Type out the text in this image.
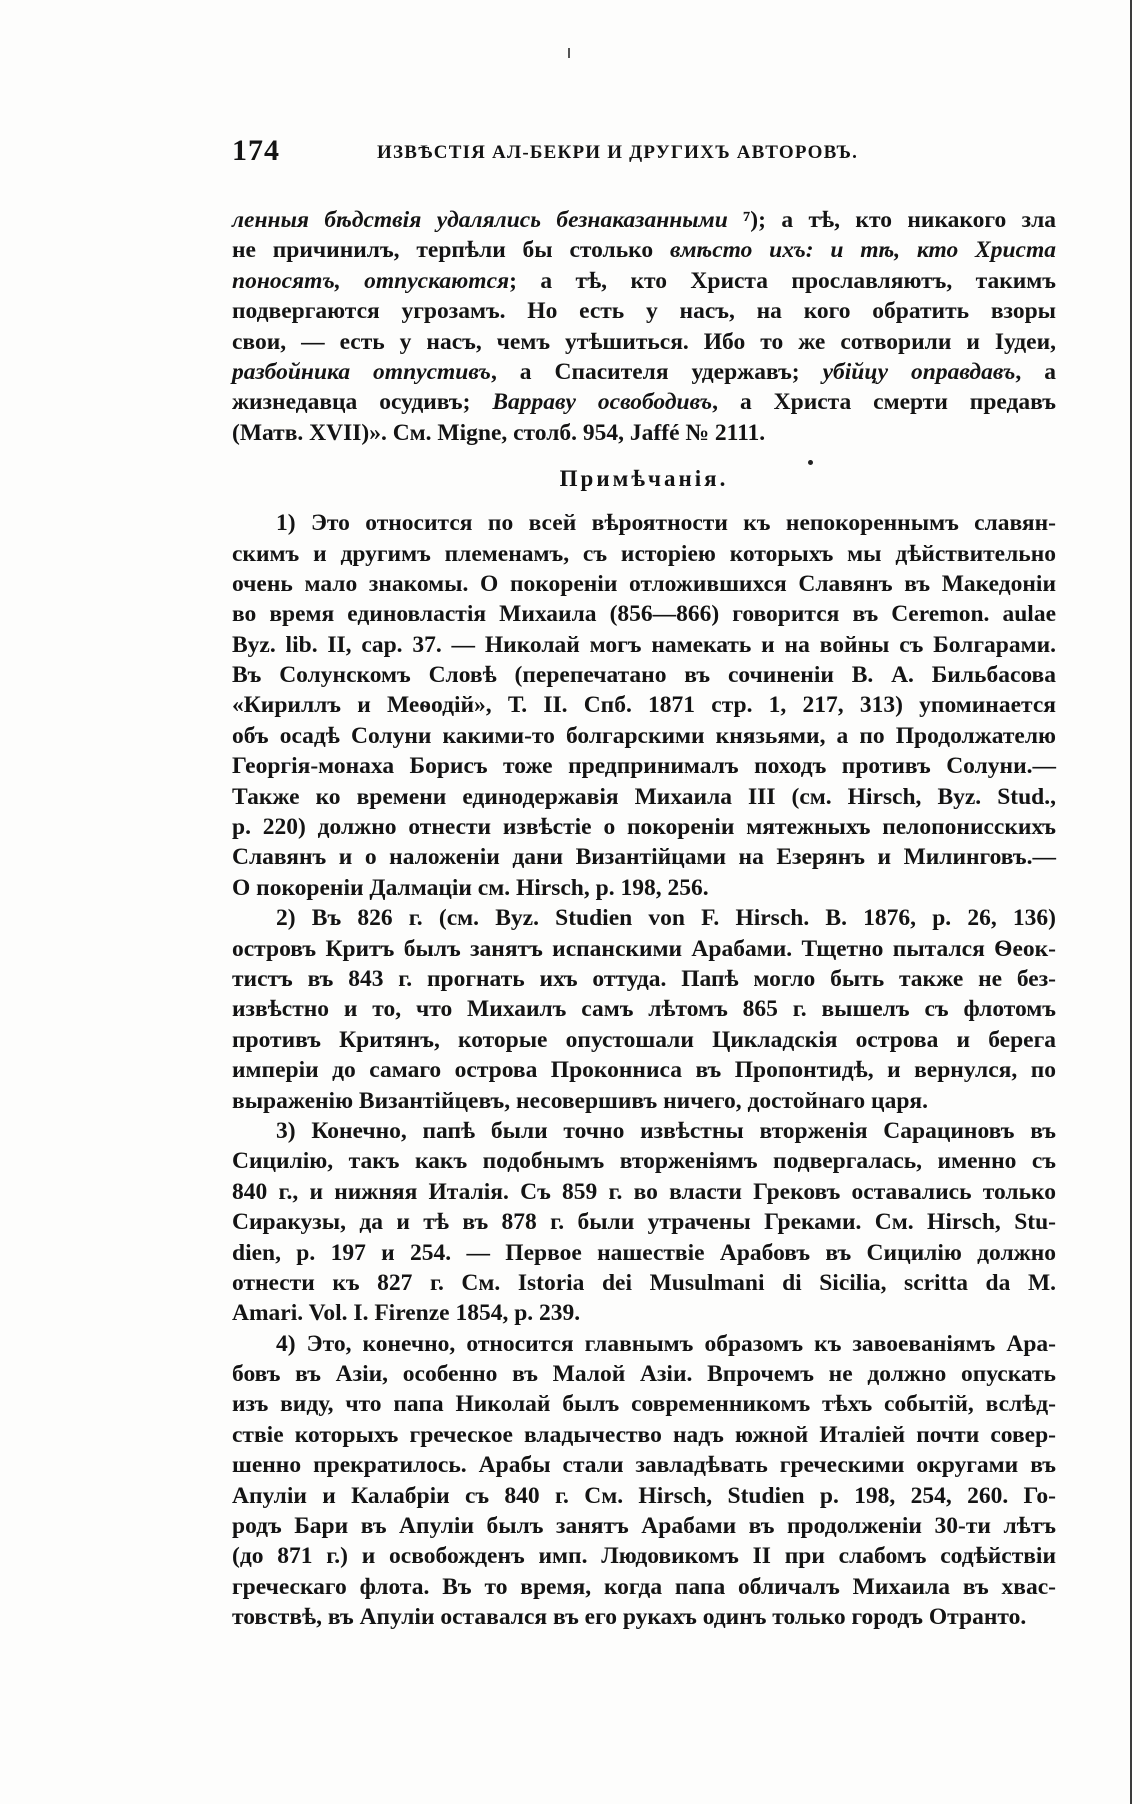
174	ИЗВѢСТІЯ АЛ-БЕКРИ И ДРУГИХЪ АВТОРОВЪ.
ленныя бѣдствія удалялись безнаказанными ⁷); а тѣ, кто никакого зла
не причинилъ, терпѣли бы столько вмѣсто ихъ: и тѣ, кто Христа
поносятъ, отпускаются; а тѣ, кто Христа прославляютъ, такимъ
подвергаются угрозамъ. Но есть у насъ, на кого обратить взоры
свои, — есть у насъ, чемъ утѣшиться. Ибо то же сотворили и Іудеи,
разбойника отпустивъ, а Спасителя удержавъ; убійцу оправдавъ, а
жизнедавца осудивъ; Варраву освободивъ, а Христа смерти предавъ
(Матв. XVII)». См. Migne, столб. 954, Jaffé № 2111.
Примѣчанія.
1) Это относится по всей вѣроятности къ непокореннымъ славян-
скимъ и другимъ племенамъ, съ исторіею которыхъ мы дѣйствительно
очень мало знакомы. О покореніи отложившихся Славянъ въ Македоніи
во время единовластія Михаила (856—866) говорится въ Ceremon. aulae
Byz. lib. II, cap. 37. — Николай могъ намекать и на войны съ Болгарами.
Въ Солунскомъ Словѣ (перепечатано въ сочиненіи В. А. Бильбасова
«Кириллъ и Меѳодій», Т. II. Спб. 1871 стр. 1, 217, 313) упоминается
объ осадѣ Солуни какими-то болгарскими князьями, а по Продолжателю
Георгія-монаха Борисъ тоже предпринималъ походъ противъ Солуни.—
Также ко времени единодержавія Михаила III (см. Hirsch, Byz. Stud.,
p. 220) должно отнести извѣстіе о покореніи мятежныхъ пелопонисскихъ
Славянъ и о наложеніи дани Византійцами на Езерянъ и Милинговъ.—
О покореніи Далмаціи см. Hirsch, p. 198, 256.
2) Въ 826 г. (см. Byz. Studien von F. Hirsch. B. 1876, p. 26, 136)
островъ Критъ былъ занятъ испанскими Арабами. Тщетно пытался Ѳеок-
тистъ въ 843 г. прогнать ихъ оттуда. Папѣ могло быть также не без-
извѣстно и то, что Михаилъ самъ лѣтомъ 865 г. вышелъ съ флотомъ
противъ Критянъ, которые опустошали Цикладскія острова и берега
имперіи до самаго острова Проконниса въ Пропонтидѣ, и вернулся, по
выраженію Византійцевъ, несовершивъ ничего, достойнаго царя.
3) Конечно, папѣ были точно извѣстны вторженія Сарациновъ въ
Сицилію, такъ какъ подобнымъ вторженіямъ подвергалась, именно съ
840 г., и нижняя Италія. Съ 859 г. во власти Грековъ оставались только
Сиракузы, да и тѣ въ 878 г. были утрачены Греками. См. Hirsch, Stu-
dien, p. 197 и 254. — Первое нашествіе Арабовъ въ Сицилію должно
отнести къ 827 г. См. Istoria dei Musulmani di Sicilia, scritta da M.
Amari. Vol. I. Firenze 1854, p. 239.
4) Это, конечно, относится главнымъ образомъ къ завоеваніямъ Ара-
бовъ въ Азіи, особенно въ Малой Азіи. Впрочемъ не должно опускать
изъ виду, что папа Николай былъ современникомъ тѣхъ событій, вслѣд-
ствіе которыхъ греческое владычество надъ южной Италіей почти совер-
шенно прекратилось. Арабы стали завладѣвать греческими округами въ
Апуліи и Калабріи съ 840 г. См. Hirsch, Studien p. 198, 254, 260. Го-
родъ Бари въ Апуліи былъ занятъ Арабами въ продолженіи 30-ти лѣтъ
(до 871 г.) и освобожденъ имп. Людовикомъ II при слабомъ содѣйствіи
греческаго флота. Въ то время, когда папа обличалъ Михаила въ хвас-
товствѣ, въ Апуліи оставался въ его рукахъ одинъ только городъ Отранто.
